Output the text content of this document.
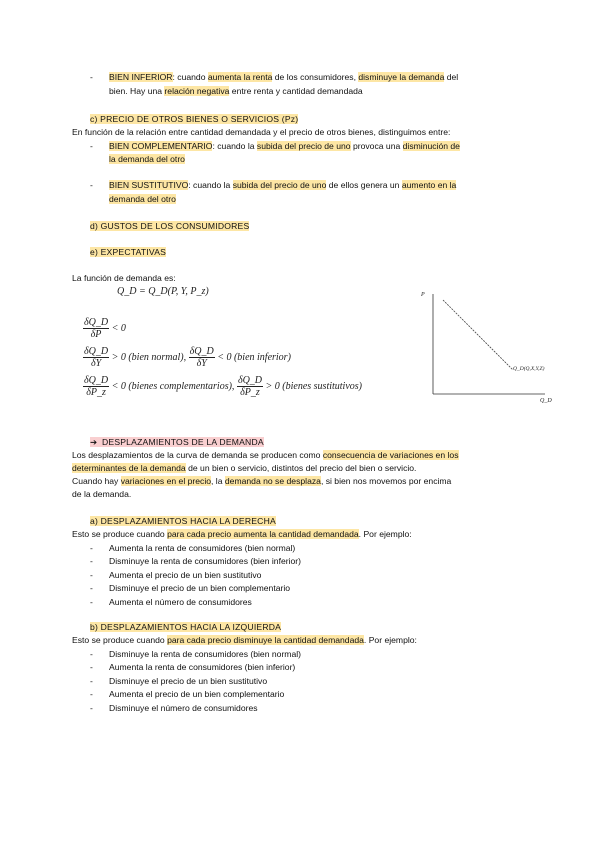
- BIEN INFERIOR: cuando aumenta la renta de los consumidores, disminuye la demanda del
bien. Hay una relación negativa entre renta y cantidad demandada
c) PRECIO DE OTROS BIENES O SERVICIOS (Pz)
En función de la relación entre cantidad demandada y el precio de otros bienes, distinguimos entre:
- BIEN COMPLEMENTARIO: cuando la subida del precio de uno provoca una disminución de
la demanda del otro
- BIEN SUSTITUTIVO: cuando la subida del precio de uno de ellos genera un aumento en la
demanda del otro
d) GUSTOS DE LOS CONSUMIDORES
e) EXPECTATIVAS
La función de demanda es:
Q_D = Q_D(P, Y, P_z)
$\frac{\delta Q\_D}{\delta P} < 0$
$\frac{\delta Q\_D}{\delta Y} > 0$ (bien normal), $\frac{\delta Q\_D}{\delta Y} < 0$ (bien inferior)
$\frac{\delta Q\_D}{\delta P\_z} < 0$ (bienes complementarios), $\frac{\delta Q\_D}{\delta P\_z} > 0$ (bienes sustitutivos)
P
Q_D
Q_D(Q,X,Y,Z)
➔ DESPLAZAMIENTOS DE LA DEMANDA
Los desplazamientos de la curva de demanda se producen como consecuencia de variaciones en los
determinantes de la demanda de un bien o servicio, distintos del precio del bien o servicio.
Cuando hay variaciones en el precio, la demanda no se desplaza, si bien nos movemos por encima
de la demanda.
a) DESPLAZAMIENTOS HACIA LA DERECHA
Esto se produce cuando para cada precio aumenta la cantidad demandada. Por ejemplo:
- Aumenta la renta de consumidores (bien normal)
- Disminuye la renta de consumidores (bien inferior)
- Aumenta el precio de un bien sustitutivo
- Disminuye el precio de un bien complementario
- Aumenta el número de consumidores
b) DESPLAZAMIENTOS HACIA LA IZQUIERDA
Esto se produce cuando para cada precio disminuye la cantidad demandada. Por ejemplo:
- Disminuye la renta de consumidores (bien normal)
- Aumenta la renta de consumidores (bien inferior)
- Disminuye el precio de un bien sustitutivo
- Aumenta el precio de un bien complementario
- Disminuye el número de consumidores
